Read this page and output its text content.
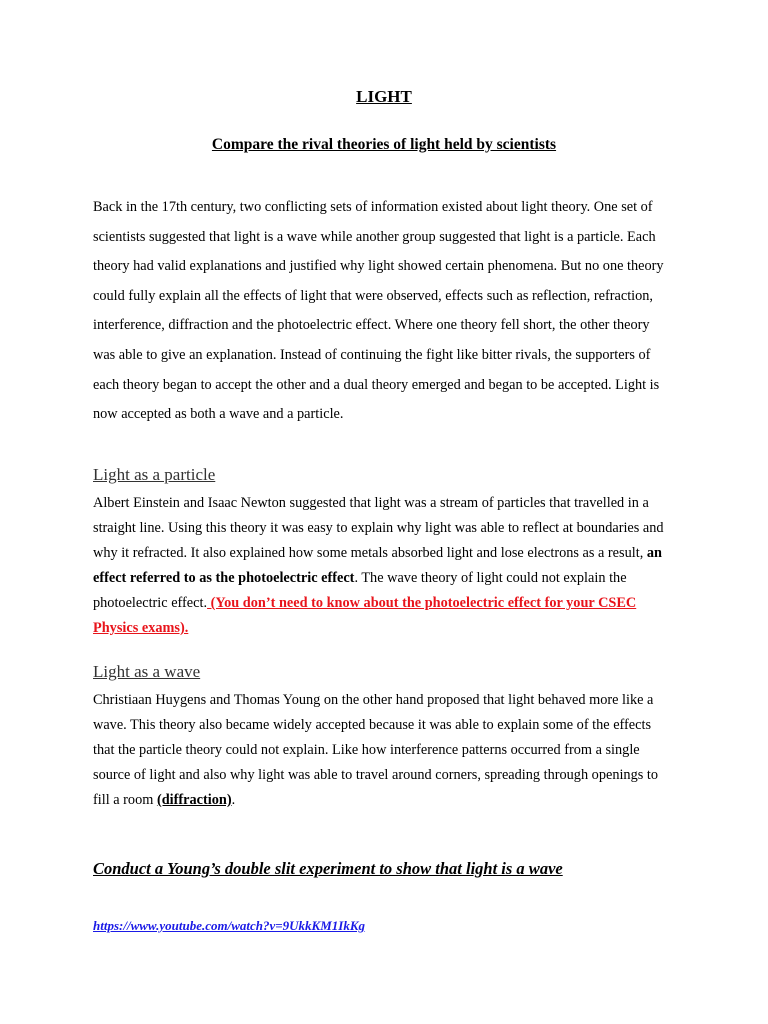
LIGHT
Compare the rival theories of light held by scientists

Back in the 17th century, two conflicting sets of information existed about light theory. One set of scientists suggested that light is a wave while another group suggested that light is a particle. Each theory had valid explanations and justified why light showed certain phenomena. But no one theory could fully explain all the effects of light that were observed, effects such as reflection, refraction, interference, diffraction and the photoelectric effect. Where one theory fell short, the other theory was able to give an explanation. Instead of continuing the fight like bitter rivals, the supporters of each theory began to accept the other and a dual theory emerged and began to be accepted. Light is now accepted as both a wave and a particle.

Light as a particle

Albert Einstein and Isaac Newton suggested that light was a stream of particles that travelled in a straight line. Using this theory it was easy to explain why light was able to reflect at boundaries and why it refracted. It also explained how some metals absorbed light and lose electrons as a result, an effect referred to as the photoelectric effect. The wave theory of light could not explain the photoelectric effect. (You don’t need to know about the photoelectric effect for your CSEC Physics exams).

Light as a wave

Christiaan Huygens and Thomas Young on the other hand proposed that light behaved more like a wave. This theory also became widely accepted because it was able to explain some of the effects that the particle theory could not explain. Like how interference patterns occurred from a single source of light and also why light was able to travel around corners, spreading through openings to fill a room (diffraction).

Conduct a Young’s double slit experiment to show that light is a wave
https://www.youtube.com/watch?v=9UkkKM1IkKg
